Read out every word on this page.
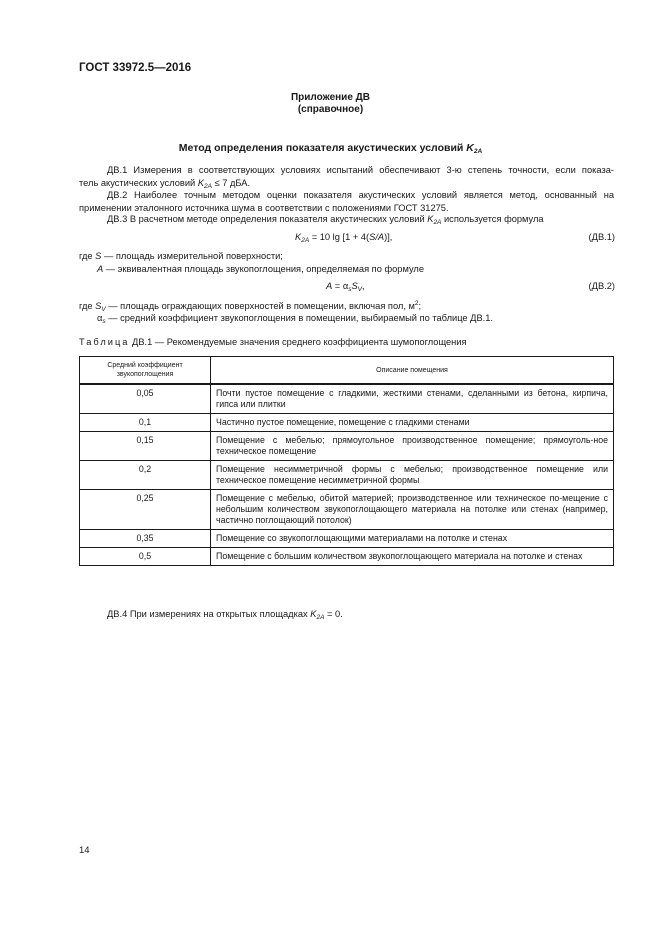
ГОСТ 33972.5—2016
Приложение ДВ
(справочное)
Метод определения показателя акустических условий $K_{2A}$
ДВ.1 Измерения в соответствующих условиях испытаний обеспечивают 3-ю степень точности, если показа-
тель акустических условий $K_{2A} \le 7$ дБА.
ДВ.2 Наиболее точным методом оценки показателя акустических условий является метод, основанный на
применении эталонного источника шума в соответствии с положениями ГОСТ 31275.
ДВ.3 В расчетном методе определения показателя акустических условий $K_{2A}$ используется формула
$K_{2A} = 10$ lg [1 + 4(S/A)],	(ДВ.1)
где S — площадь измерительной поверхности;
A — эквивалентная площадь звукопоглощения, определяемая по формуле
$A = \alpha_sS_V$,	(ДВ.2)
где $S_V$ — площадь ограждающих поверхностей в помещении, включая пол, $м^2$;
$\alpha_s$ — средний коэффициент звукопоглощения в помещении, выбираемый по таблице ДВ.1.
Таблица ДВ.1 — Рекомендуемые значения среднего коэффициента шумопоглощения
Средний коэффициент
звукопоглощения	Описание помещения
0,05	Почти пустое помещение с гладкими, жесткими стенами, сделанными из бетона, кирпича, гипса или плитки
0,1	Частично пустое помещение, помещение с гладкими стенами
0,15	Помещение с мебелью; прямоугольное производственное помещение; прямоуголь-ное техническое помещение
0,2	Помещение несимметричной формы с мебелью; производственное помещение или техническое помещение несимметричной формы
0,25	Помещение с мебелью, обитой материей; производственное или техническое по-мещение с небольшим количеством звукопоглощающего материала на потолке или стенах (например, частично поглощающий потолок)
0,35	Помещение со звукопоглощающими материалами на потолке и стенах
0,5	Помещение с большим количеством звукопоглощающего материала на потолке и стенах
ДВ.4 При измерениях на открытых площадках $K_{2A} = 0$.
14
